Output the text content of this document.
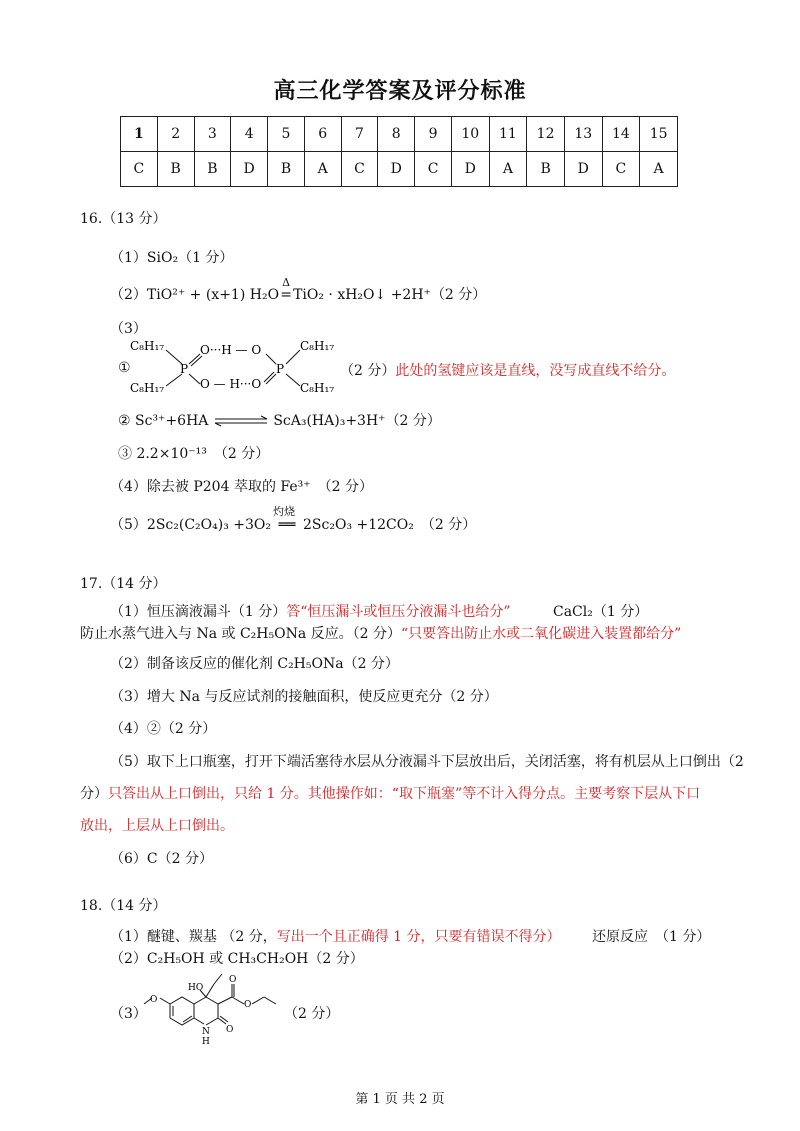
高三化学答案及评分标准
1	2	3	4	5	6	7	8	9	10	11	12	13	14	15
C	B	B	D	B	A	C	D	C	D	A	B	D	C	A
16.（13 分）
（1）SiO₂（1 分）
（2）TiO²⁺ + (x+1) H₂O
Δ
=TiO₂ · xH₂O↓ +2H⁺（2 分）
（3）
①
C₈H₁₇
C₈H₁₇
P
O···H — O
O — H···O
P
C₈H₁₇
C₈H₁₇
（2 分）此处的氢键应该是直线，没写成直线不给分。
② Sc³⁺+6HA ⇌ ScA₃(HA)₃+3H⁺（2 分）
③ 2.2×10⁻¹³　（2 分）
（4）除去被 P204 萃取的 Fe³⁺　（2 分）
（5）2Sc₂(C₂O₄)₃ +3O₂
灼烧
══ 2Sc₂O₃ +12CO₂　 （2 分）
17.（14 分）
（1）恒压滴液漏斗（1 分）答“恒压漏斗或恒压分液漏斗也给分”	CaCl₂（1 分）
防止水蒸气进入与 Na 或 C₂H₅ONa 反应。（2 分）“只要答出防止水或二氧化碳进入装置都给分”
（2）制备该反应的催化剂 C₂H₅ONa（2 分）
（3）增大 Na 与反应试剂的接触面积，使反应更充分（2 分）
（4）②（2 分）
（5）取下上口瓶塞，打开下端活塞待水层从分液漏斗下层放出后，关闭活塞，将有机层从上口倒出（2
分）只答出从上口倒出，只给 1 分。其他操作如：“取下瓶塞”等不计入得分点。主要考察下层从下口
放出，上层从上口倒出。
（6）C（2 分）
18.（14 分）
（1）醚键、羰基 （2 分，写出一个且正确得 1 分，只要有错误不得分） 还原反应　（1 分）
（2）C₂H₅OH 或 CH₃CH₂OH（2 分）
（3）
O
HO
O
O
N
H
O
（2 分）
第 1 页 共 2 页
